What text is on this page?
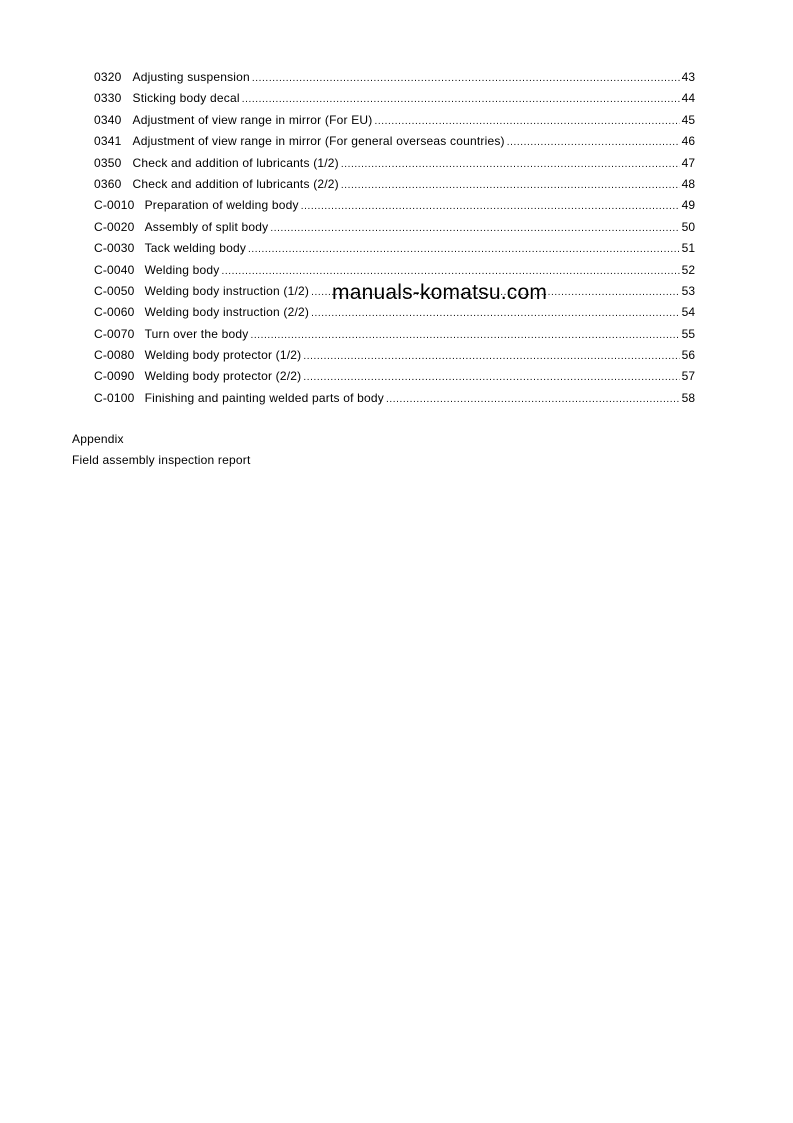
0320 Adjusting suspension .....	43
0330 Sticking body decal .....	44
0340 Adjustment of view range in mirror (For EU) .....	45
0341 Adjustment of view range in mirror (For general overseas countries) .....	46
0350 Check and addition of lubricants (1/2) .....	47
0360 Check and addition of lubricants (2/2) .....	48
C-0010 Preparation of welding body .....	49
C-0020 Assembly of split body .....	50
C-0030 Tack welding body .....	51
C-0040 Welding body .....	52
C-0050 Welding body instruction (1/2) .....	53
C-0060 Welding body instruction (2/2) .....	54
C-0070 Turn over the body .....	55
C-0080 Welding body protector (1/2) .....	56
C-0090 Welding body protector (2/2) .....	57
C-0100 Finishing and painting welded parts of body .....	58
Appendix
Field assembly inspection report
manuals-komatsu.com
